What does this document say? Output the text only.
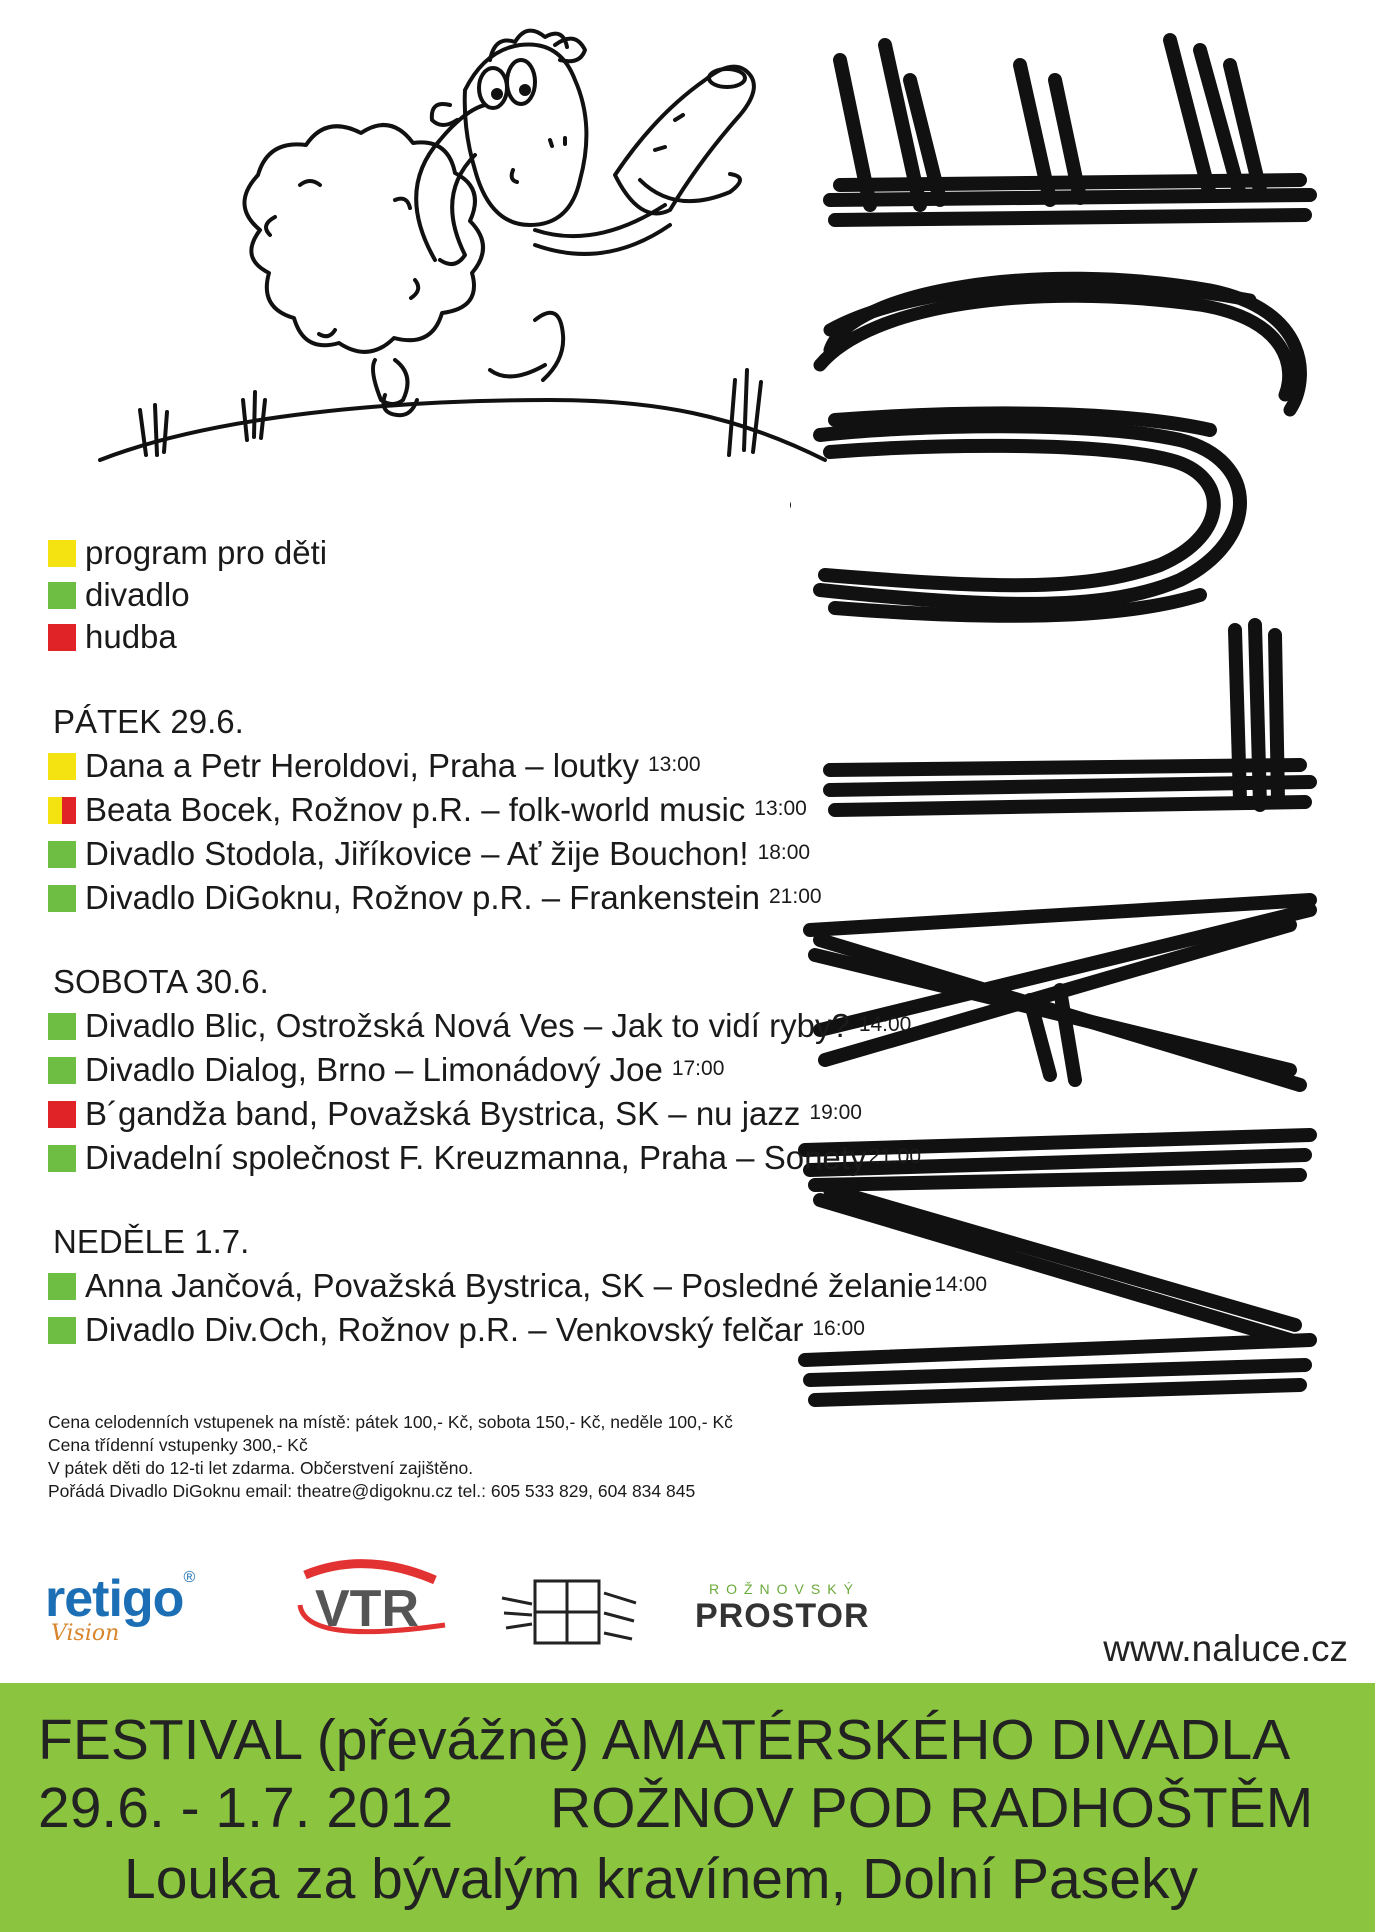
program pro děti
divadlo
hudba
PÁTEK 29.6.
Dana a Petr Heroldovi, Praha – loutky 13:00
Beata Bocek, Rožnov p.R. – folk-world music 13:00
Divadlo Stodola, Jiříkovice – Ať žije Bouchon! 18:00
Divadlo DiGoknu, Rožnov p.R. – Frankenstein 21:00
SOBOTA 30.6.
Divadlo Blic, Ostrožská Nová Ves – Jak to vidí ryby? 14:00
Divadlo Dialog, Brno – Limonádový Joe 17:00
B´gandža band, Považská Bystrica, SK – nu jazz 19:00
Divadelní společnost F. Kreuzmanna, Praha – Sonety 21:00
NEDĚLE 1.7.
Anna Jančová, Považská Bystrica, SK – Posledné želanie 14:00
Divadlo Div.Och, Rožnov p.R. – Venkovský felčar 16:00
Cena celodenních vstupenek na místě: pátek 100,- Kč, sobota 150,- Kč, neděle 100,- Kč
Cena třídenní vstupenky 300,- Kč
V pátek děti do 12-ti let zdarma. Občerstvení zajištěno.
Pořádá Divadlo DiGoknu email: theatre@digoknu.cz tel.: 605 533 829, 604 834 845
retigo®
Vision	VTR	ROŽNOVSKÝ
PROSTOR
www.naluce.cz
FESTIVAL (převážně) AMATÉRSKÉHO DIVADLA
29.6. - 1.7. 2012 ROŽNOV POD RADHOŠTĚM
Louka za bývalým kravínem, Dolní Paseky
